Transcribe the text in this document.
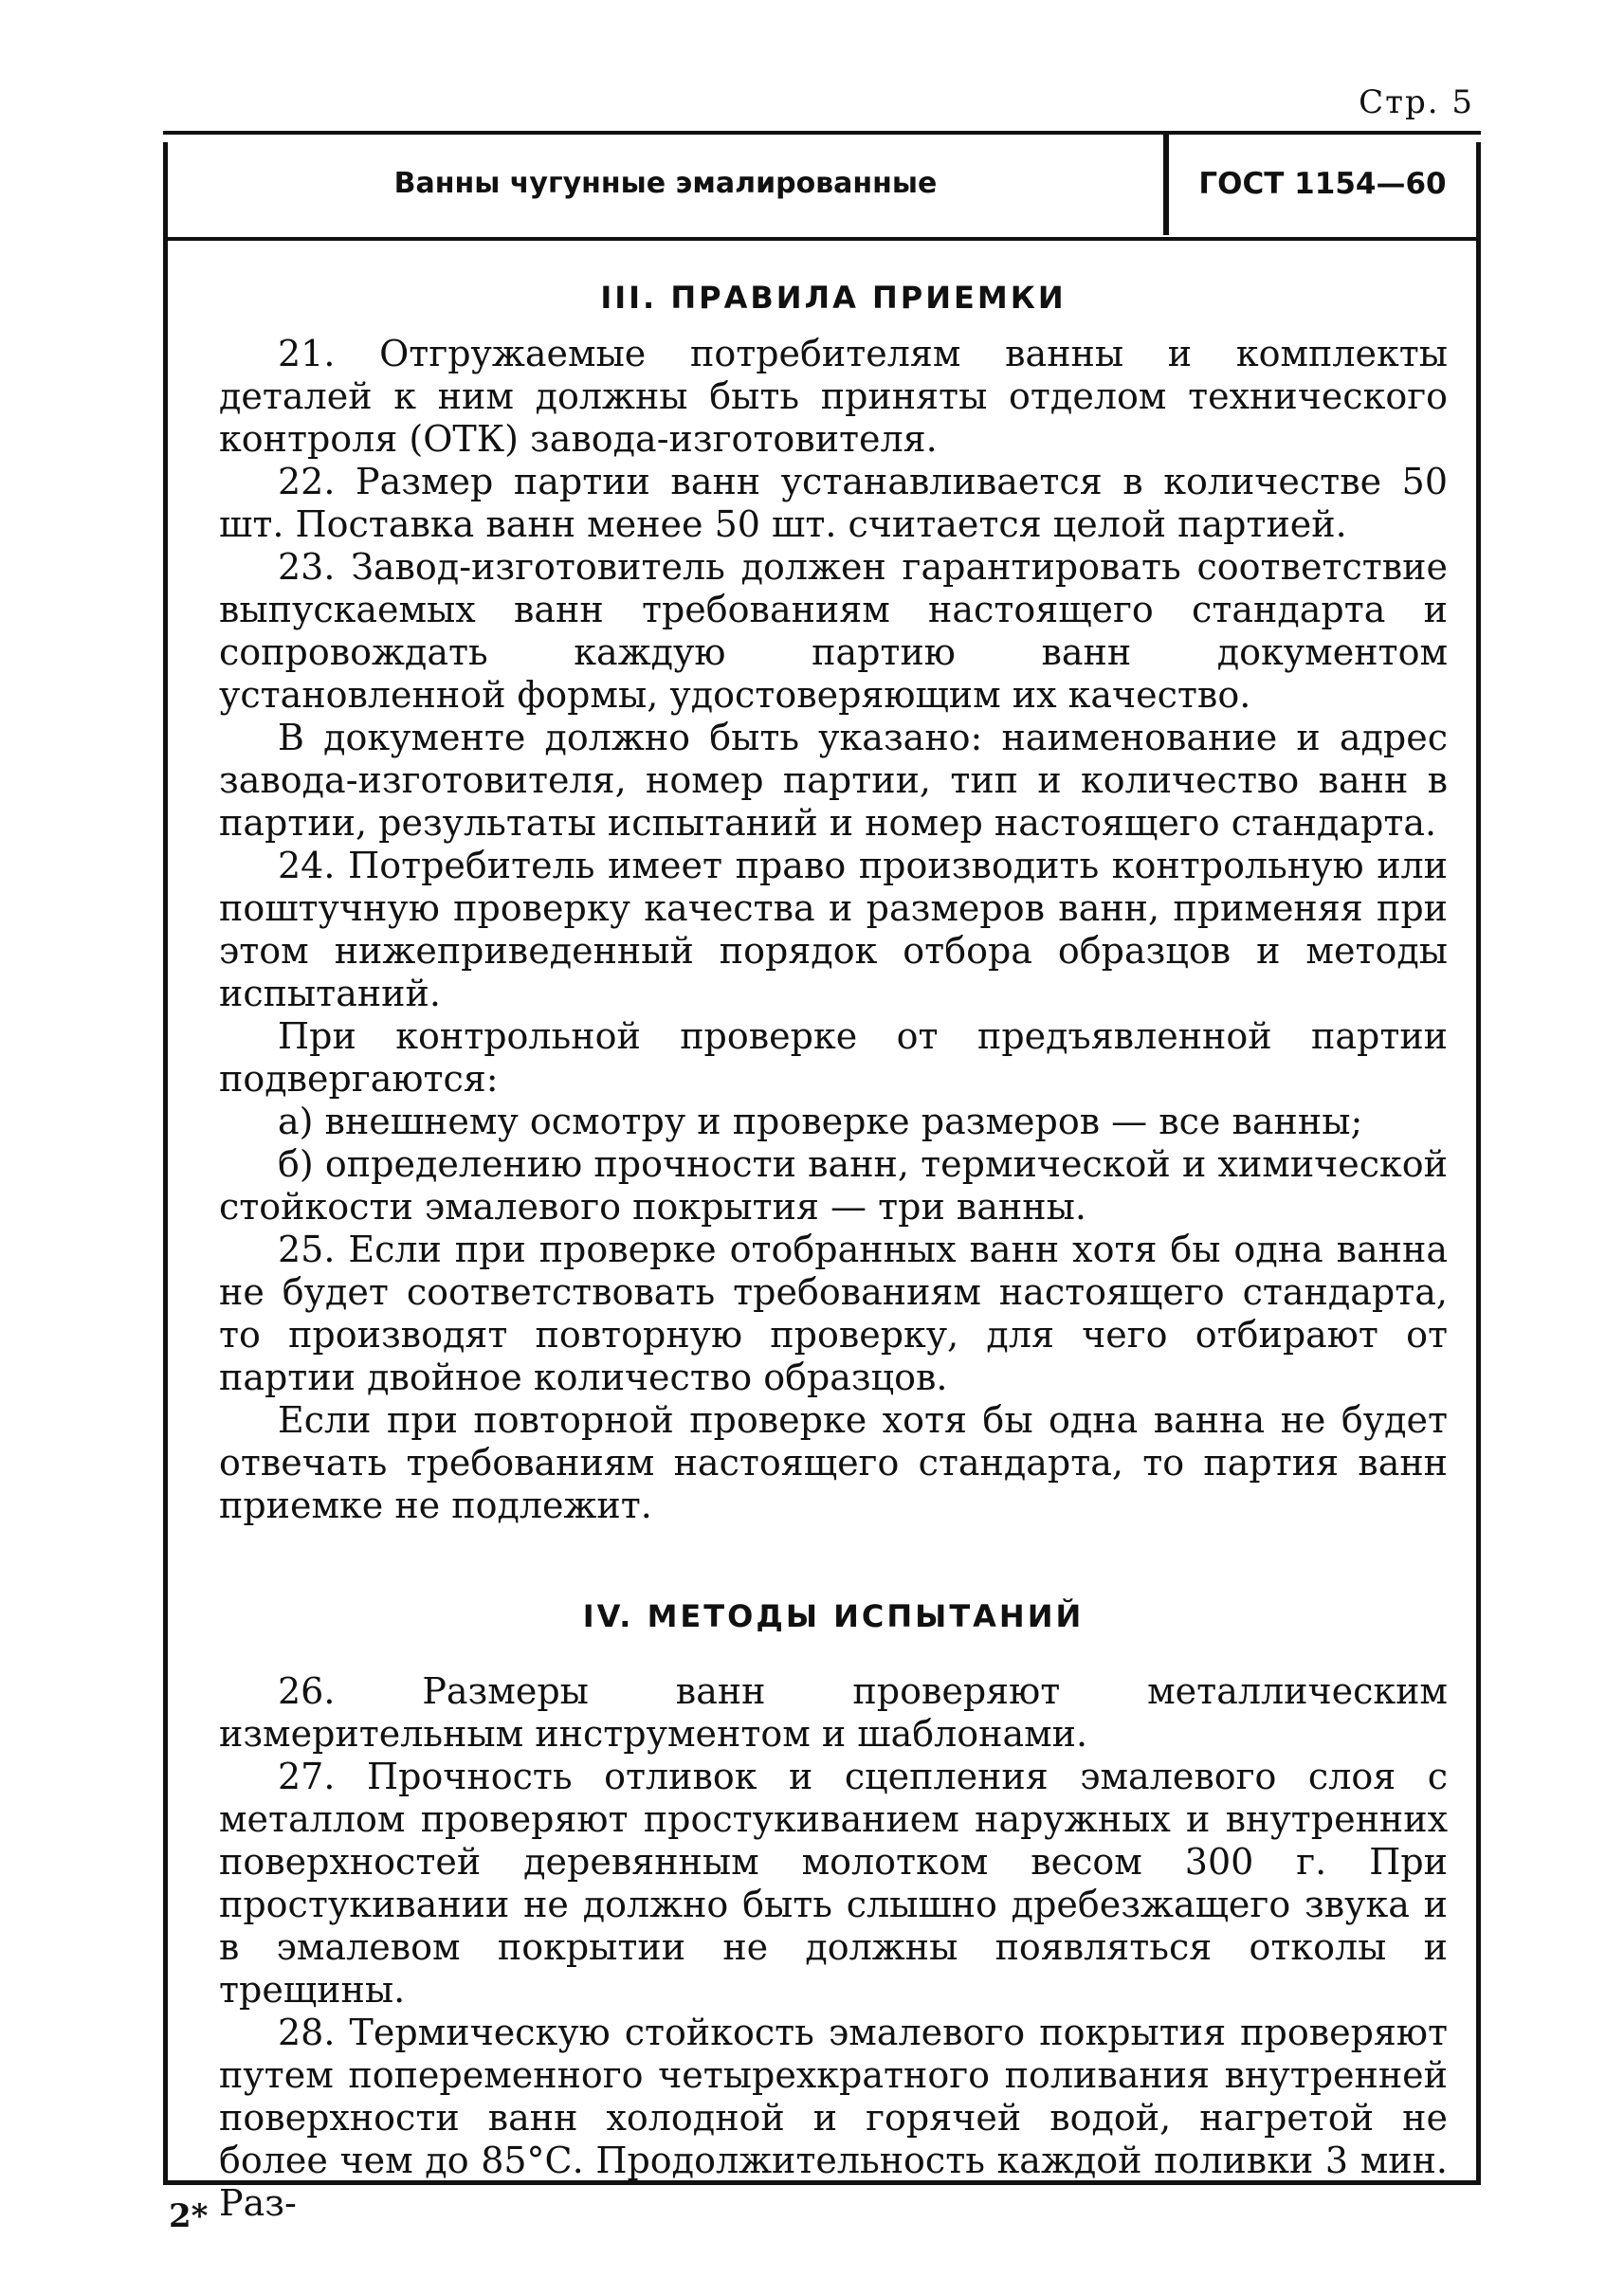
Стр. 5
Ванны чугунные эмалированные	ГОСТ 1154—60
III. ПРАВИЛА ПРИЕМКИ

21. Отгружаемые потребителям ванны и комплекты деталей к ним должны быть приняты отделом технического контроля (ОТК) завода-изготовителя.

22. Размер партии ванн устанавливается в количестве 50 шт. Поставка ванн менее 50 шт. считается целой партией.

23. Завод-изготовитель должен гарантировать соответствие выпускаемых ванн требованиям настоящего стандарта и сопровождать каждую партию ванн документом установленной формы, удостоверяющим их качество.

В документе должно быть указано: наименование и адрес завода-изготовителя, номер партии, тип и количество ванн в партии, результаты испытаний и номер настоящего стандарта.

24. Потребитель имеет право производить контрольную или поштучную проверку качества и размеров ванн, применяя при этом нижеприведенный порядок отбора образцов и методы испытаний.

При контрольной проверке от предъявленной партии подвергаются:

а) внешнему осмотру и проверке размеров — все ванны;

б) определению прочности ванн, термической и химической стойкости эмалевого покрытия — три ванны.

25. Если при проверке отобранных ванн хотя бы одна ванна не будет соответствовать требованиям настоящего стандарта, то производят повторную проверку, для чего отбирают от партии двойное количество образцов.

Если при повторной проверке хотя бы одна ванна не будет отвечать требованиям настоящего стандарта, то партия ванн приемке не подлежит.

IV. МЕТОДЫ ИСПЫТАНИЙ

26. Размеры ванн проверяют металлическим измерительным инструментом и шаблонами.

27. Прочность отливок и сцепления эмалевого слоя с металлом проверяют простукиванием наружных и внутренних поверхностей деревянным молотком весом 300 г. При простукивании не должно быть слышно дребезжащего звука и в эмалевом покрытии не должны появляться отколы и трещины.

28. Термическую стойкость эмалевого покрытия проверяют путем попеременного четырехкратного поливания внутренней поверхности ванн холодной и горячей водой, нагретой не более чем до 85°С. Продолжительность каждой поливки 3 мин. Раз-

2*
